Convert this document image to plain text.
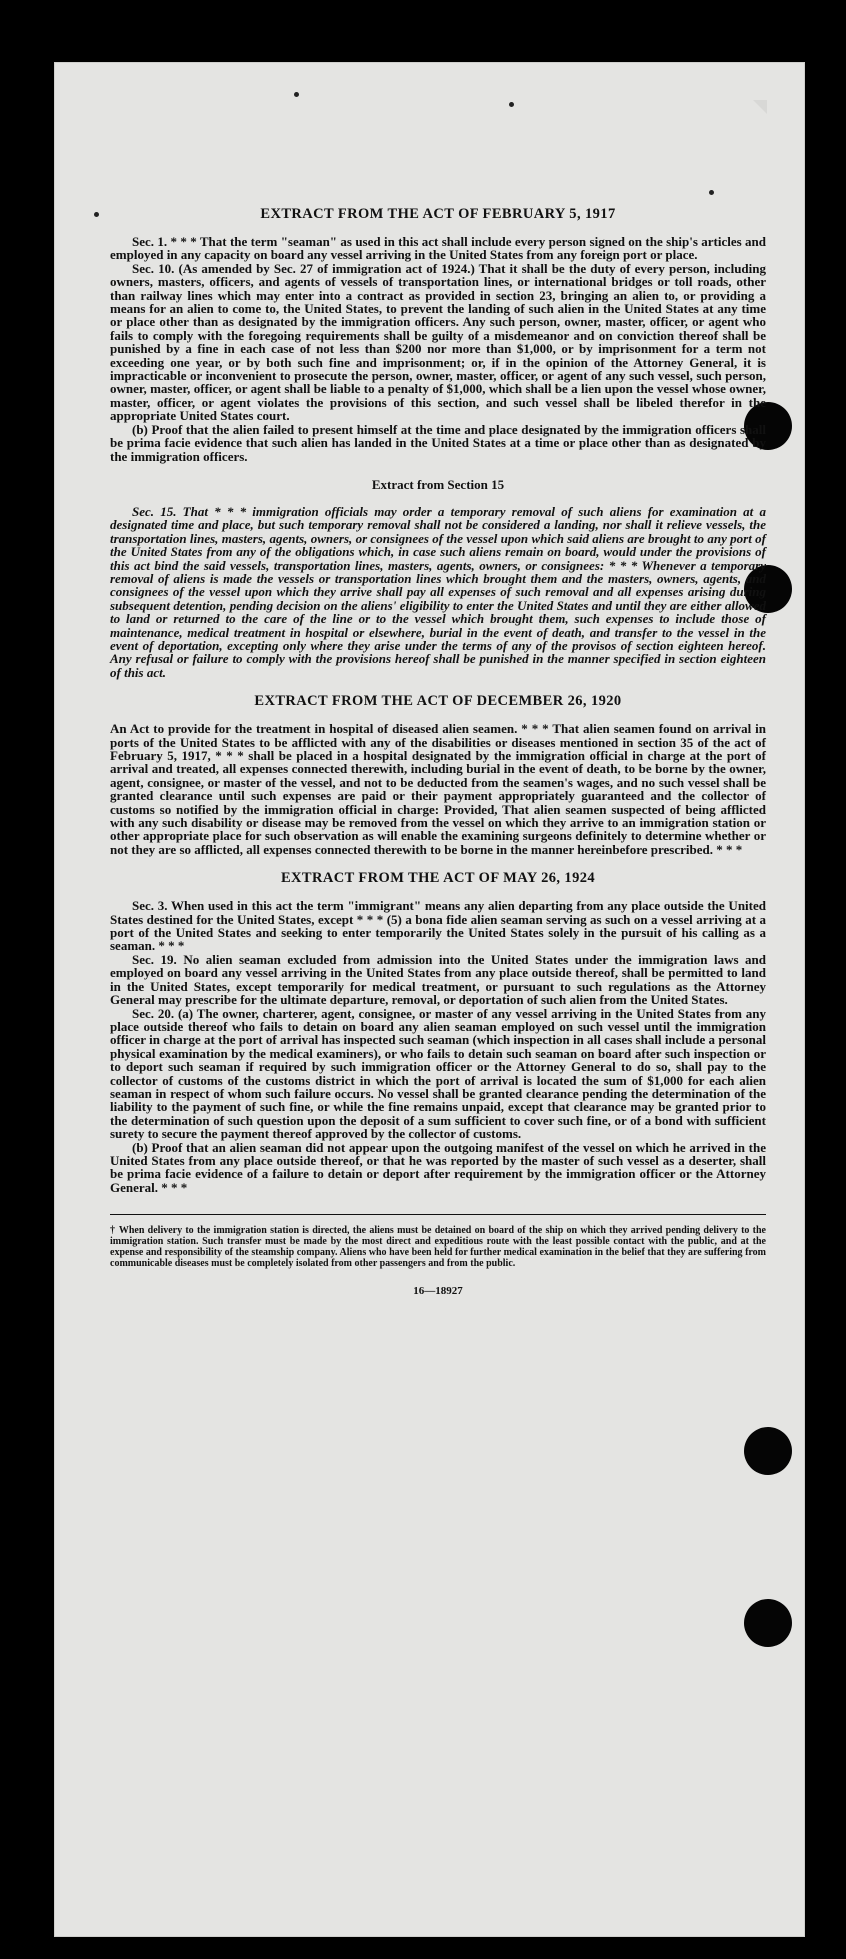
EXTRACT FROM THE ACT OF FEBRUARY 5, 1917

Sec. 1. * * * That the term "seaman" as used in this act shall include every person signed on the ship's articles and employed in any capacity on board any vessel arriving in the United States from any foreign port or place.

Sec. 10. (As amended by Sec. 27 of immigration act of 1924.) That it shall be the duty of every person, including owners, masters, officers, and agents of vessels of transportation lines, or international bridges or toll roads, other than railway lines which may enter into a contract as provided in section 23, bringing an alien to, or providing a means for an alien to come to, the United States, to prevent the landing of such alien in the United States at any time or place other than as designated by the immigration officers. Any such person, owner, master, officer, or agent who fails to comply with the foregoing requirements shall be guilty of a misdemeanor and on conviction thereof shall be punished by a fine in each case of not less than $200 nor more than $1,000, or by imprisonment for a term not exceeding one year, or by both such fine and imprisonment; or, if in the opinion of the Attorney General, it is impracticable or inconvenient to prosecute the person, owner, master, officer, or agent of any such vessel, such person, owner, master, officer, or agent shall be liable to a penalty of $1,000, which shall be a lien upon the vessel whose owner, master, officer, or agent violates the provisions of this section, and such vessel shall be libeled therefor in the appropriate United States court.

(b) Proof that the alien failed to present himself at the time and place designated by the immigration officers shall be prima facie evidence that such alien has landed in the United States at a time or place other than as designated by the immigration officers.

Extract from Section 15

Sec. 15. That * * * immigration officials may order a temporary removal of such aliens for examination at a designated time and place, but such temporary removal shall not be considered a landing, nor shall it relieve vessels, the transportation lines, masters, agents, owners, or consignees of the vessel upon which said aliens are brought to any port of the United States from any of the obligations which, in case such aliens remain on board, would under the provisions of this act bind the said vessels, transportation lines, masters, agents, owners, or consignees: * * * Whenever a temporary removal of aliens is made the vessels or transportation lines which brought them and the masters, owners, agents, and consignees of the vessel upon which they arrive shall pay all expenses of such removal and all expenses arising during subsequent detention, pending decision on the aliens' eligibility to enter the United States and until they are either allowed to land or returned to the care of the line or to the vessel which brought them, such expenses to include those of maintenance, medical treatment in hospital or elsewhere, burial in the event of death, and transfer to the vessel in the event of deportation, excepting only where they arise under the terms of any of the provisos of section eighteen hereof. Any refusal or failure to comply with the provisions hereof shall be punished in the manner specified in section eighteen of this act.

EXTRACT FROM THE ACT OF DECEMBER 26, 1920

An Act to provide for the treatment in hospital of diseased alien seamen. * * * That alien seamen found on arrival in ports of the United States to be afflicted with any of the disabilities or diseases mentioned in section 35 of the act of February 5, 1917, * * * shall be placed in a hospital designated by the immigration official in charge at the port of arrival and treated, all expenses connected therewith, including burial in the event of death, to be borne by the owner, agent, consignee, or master of the vessel, and not to be deducted from the seamen's wages, and no such vessel shall be granted clearance until such expenses are paid or their payment appropriately guaranteed and the collector of customs so notified by the immigration official in charge: Provided, That alien seamen suspected of being afflicted with any such disability or disease may be removed from the vessel on which they arrive to an immigration station or other appropriate place for such observation as will enable the examining surgeons definitely to determine whether or not they are so afflicted, all expenses connected therewith to be borne in the manner hereinbefore prescribed. * * *

EXTRACT FROM THE ACT OF MAY 26, 1924

Sec. 3. When used in this act the term "immigrant" means any alien departing from any place outside the United States destined for the United States, except * * * (5) a bona fide alien seaman serving as such on a vessel arriving at a port of the United States and seeking to enter temporarily the United States solely in the pursuit of his calling as a seaman. * * *

Sec. 19. No alien seaman excluded from admission into the United States under the immigration laws and employed on board any vessel arriving in the United States from any place outside thereof, shall be permitted to land in the United States, except temporarily for medical treatment, or pursuant to such regulations as the Attorney General may prescribe for the ultimate departure, removal, or deportation of such alien from the United States.

Sec. 20. (a) The owner, charterer, agent, consignee, or master of any vessel arriving in the United States from any place outside thereof who fails to detain on board any alien seaman employed on such vessel until the immigration officer in charge at the port of arrival has inspected such seaman (which inspection in all cases shall include a personal physical examination by the medical examiners), or who fails to detain such seaman on board after such inspection or to deport such seaman if required by such immigration officer or the Attorney General to do so, shall pay to the collector of customs of the customs district in which the port of arrival is located the sum of $1,000 for each alien seaman in respect of whom such failure occurs. No vessel shall be granted clearance pending the determination of the liability to the payment of such fine, or while the fine remains unpaid, except that clearance may be granted prior to the determination of such question upon the deposit of a sum sufficient to cover such fine, or of a bond with sufficient surety to secure the payment thereof approved by the collector of customs.

(b) Proof that an alien seaman did not appear upon the outgoing manifest of the vessel on which he arrived in the United States from any place outside thereof, or that he was reported by the master of such vessel as a deserter, shall be prima facie evidence of a failure to detain or deport after requirement by the immigration officer or the Attorney General. * * *

† When delivery to the immigration station is directed, the aliens must be detained on board of the ship on which they arrived pending delivery to the immigration station. Such transfer must be made by the most direct and expeditious route with the least possible contact with the public, and at the expense and responsibility of the steamship company. Aliens who have been held for further medical examination in the belief that they are suffering from communicable diseases must be completely isolated from other passengers and from the public.

16—18927
